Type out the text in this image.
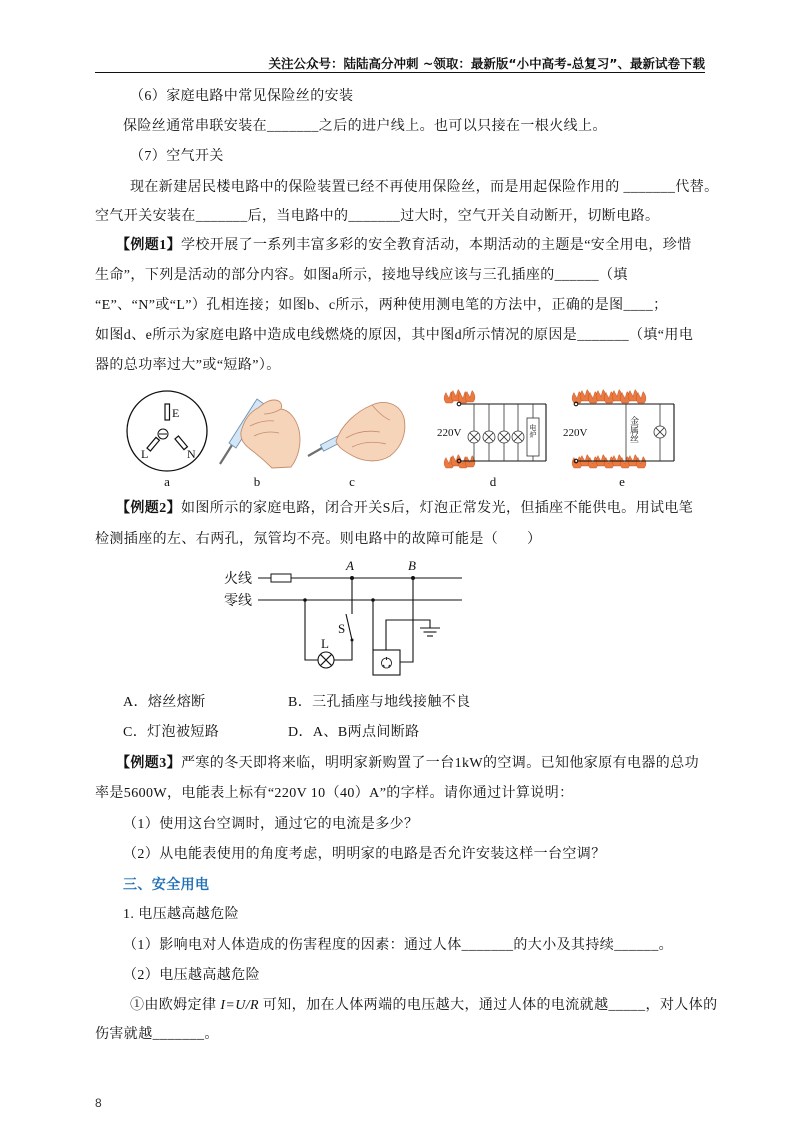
关注公众号：陆陆高分冲刺 ~领取：最新版“小中高考-总复习”、最新试卷下载
（6）家庭电路中常见保险丝的安装
保险丝通常串联安装在_______之后的进户线上。也可以只接在一根火线上。
（7）空气开关
现在新建居民楼电路中的保险装置已经不再使用保险丝，而是用起保险作用的 _______代替。
空气开关安装在_______后，当电路中的_______过大时，空气开关自动断开，切断电路。
【例题1】学校开展了一系列丰富多彩的安全教育活动，本期活动的主题是“安全用电，珍惜
生命”，下列是活动的部分内容。如图a所示，接地导线应该与三孔插座的______（填
“E”、“N”或“L”）孔相连接；如图b、c所示，两种使用测电笔的方法中，正确的是图____；
如图d、e所示为家庭电路中造成电线燃烧的原因，其中图d所示情况的原因是_______（填“用电
器的总功率过大”或“短路”）。
【例题2】如图所示的家庭电路，闭合开关S后，灯泡正常发光，但插座不能供电。用试电笔
检测插座的左、右两孔，氖管均不亮。则电路中的故障可能是（　　）
A．熔丝熔断	B．三孔插座与地线接触不良
C．灯泡被短路	D．A、B两点间断路
【例题3】严寒的冬天即将来临，明明家新购置了一台1kW的空调。已知他家原有电器的总功
率是5600W，电能表上标有“220V 10（40）A”的字样。请你通过计算说明：
（1）使用这台空调时，通过它的电流是多少？
（2）从电能表使用的角度考虑，明明家的电路是否允许安装这样一台空调？
三、安全用电
1. 电压越高越危险
（1）影响电对人体造成的伤害程度的因素：通过人体_______的大小及其持续______。
（2）电压越高越危险
①由欧姆定律 I=U/R 可知，加在人体两端的电压越大，通过人体的电流就越_____，对人体的
伤害就越_______。
8
E
L	N
220V	电炉 220V	金属丝
a	b	c	d	e
火线
零线
A	B
S
L
